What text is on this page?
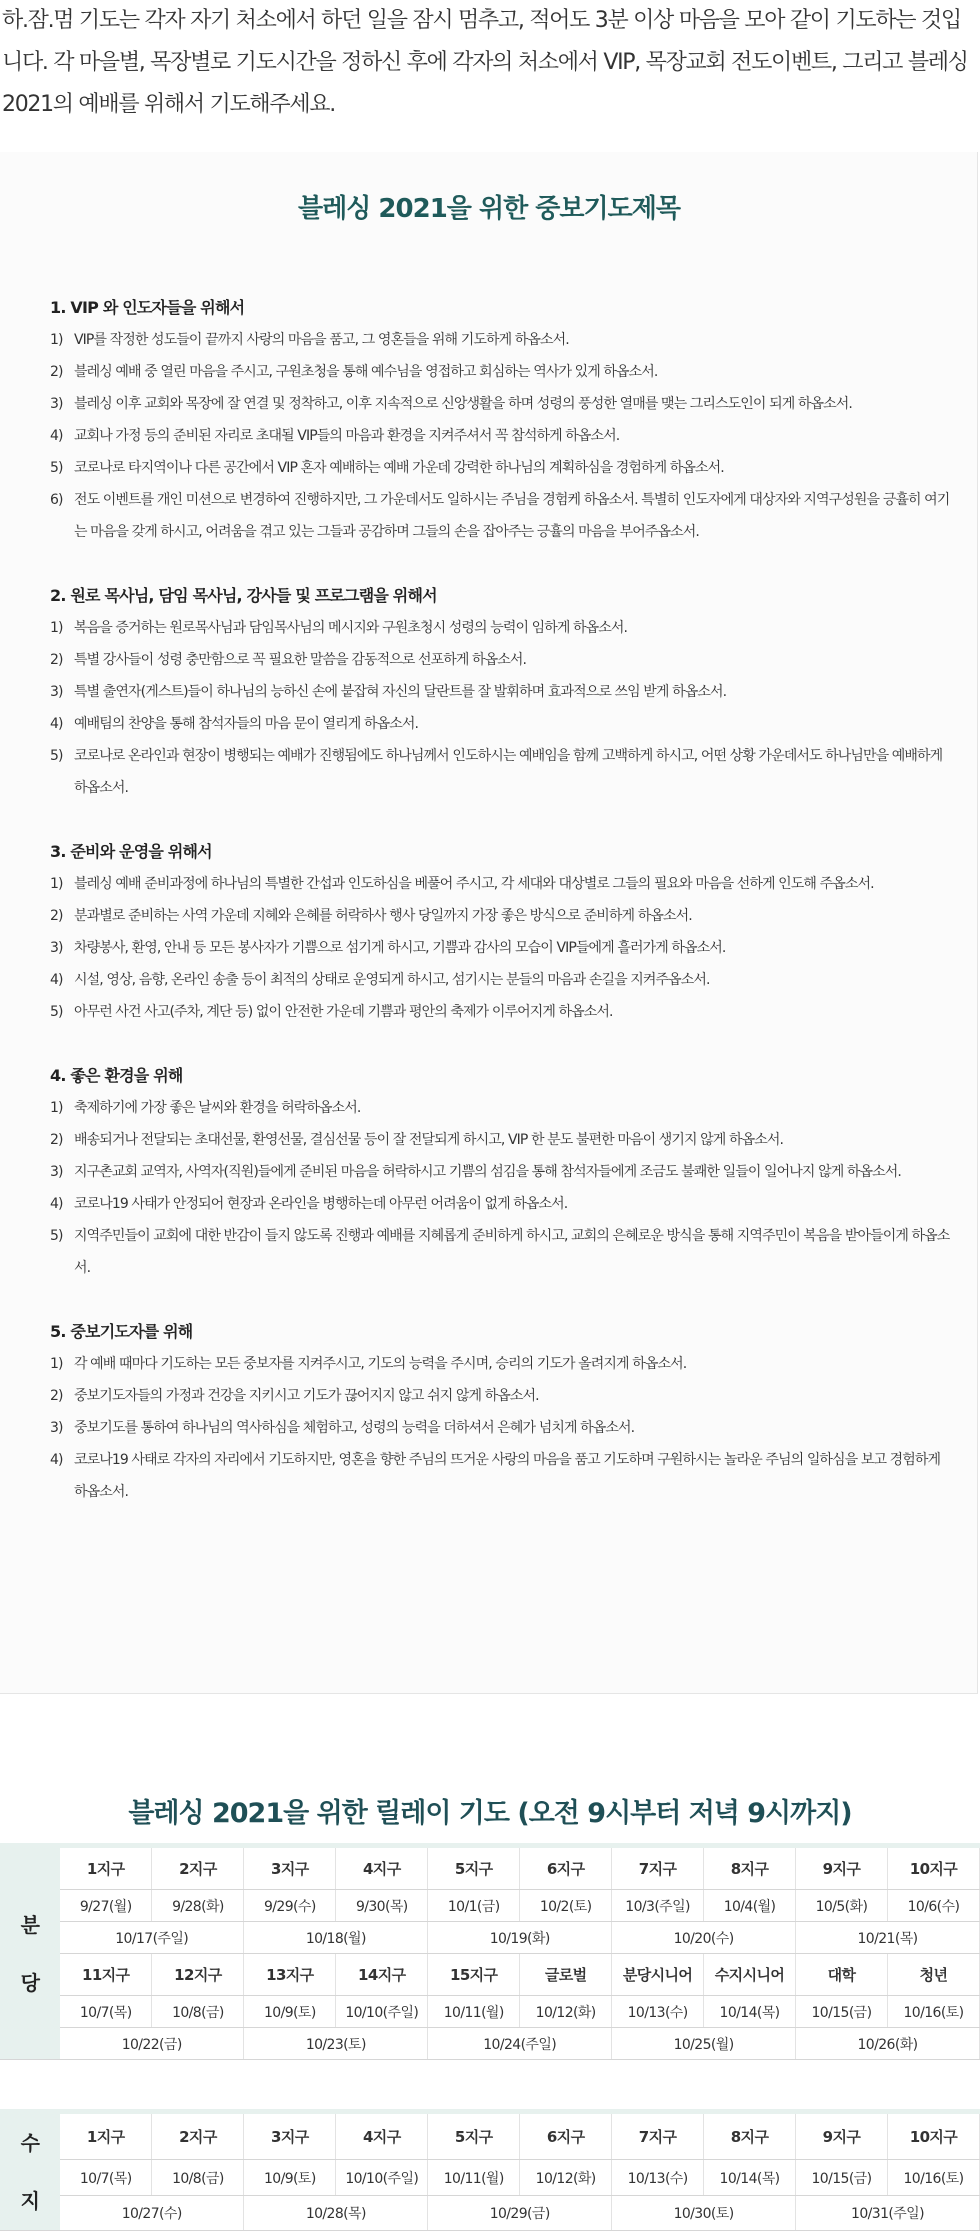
하.잠.멈 기도는 각자 자기 처소에서 하던 일을 잠시 멈추고, 적어도 3분 이상 마음을 모아 같이 기도하는 것입니다. 각 마을별, 목장별로 기도시간을 정하신 후에 각자의 처소에서 VIP, 목장교회 전도이벤트, 그리고 블레싱 2021의 예배를 위해서 기도해주세요.
블레싱 2021을 위한 중보기도제목
1. VIP 와 인도자들을 위해서
1) VIP를 작정한 성도들이 끝까지 사랑의 마음을 품고, 그 영혼들을 위해 기도하게 하옵소서.
2) 블레싱 예배 중 열린 마음을 주시고, 구원초청을 통해 예수님을 영접하고 회심하는 역사가 있게 하옵소서.
3) 블레싱 이후 교회와 목장에 잘 연결 및 정착하고, 이후 지속적으로 신앙생활을 하며 성령의 풍성한 열매를 맺는 그리스도인이 되게 하옵소서.
4) 교회나 가정 등의 준비된 자리로 초대될 VIP들의 마음과 환경을 지켜주셔서 꼭 참석하게 하옵소서.
5) 코로나로 타지역이나 다른 공간에서 VIP 혼자 예배하는 예배 가운데 강력한 하나님의 계획하심을 경험하게 하옵소서.
6) 전도 이벤트를 개인 미션으로 변경하여 진행하지만, 그 가운데서도 일하시는 주님을 경험케 하옵소서. 특별히 인도자에게 대상자와 지역구성원을 긍휼히 여기는 마음을 갖게 하시고, 어려움을 겪고 있는 그들과 공감하며 그들의 손을 잡아주는 긍휼의 마음을 부어주옵소서.
2. 원로 목사님, 담임 목사님, 강사들 및 프로그램을 위해서
1) 복음을 증거하는 원로목사님과 담임목사님의 메시지와 구원초청시 성령의 능력이 임하게 하옵소서.
2) 특별 강사들이 성령 충만함으로 꼭 필요한 말씀을 감동적으로 선포하게 하옵소서.
3) 특별 출연자(게스트)들이 하나님의 능하신 손에 붙잡혀 자신의 달란트를 잘 발휘하며 효과적으로 쓰임 받게 하옵소서.
4) 예배팀의 찬양을 통해 참석자들의 마음 문이 열리게 하옵소서.
5) 코로나로 온라인과 현장이 병행되는 예배가 진행됨에도 하나님께서 인도하시는 예배임을 함께 고백하게 하시고, 어떤 상황 가운데서도 하나님만을 예배하게 하옵소서.
3. 준비와 운영을 위해서
1) 블레싱 예배 준비과정에 하나님의 특별한 간섭과 인도하심을 베풀어 주시고, 각 세대와 대상별로 그들의 필요와 마음을 선하게 인도해 주옵소서.
2) 분과별로 준비하는 사역 가운데 지혜와 은혜를 허락하사 행사 당일까지 가장 좋은 방식으로 준비하게 하옵소서.
3) 차량봉사, 환영, 안내 등 모든 봉사자가 기쁨으로 섬기게 하시고, 기쁨과 감사의 모습이 VIP들에게 흘러가게 하옵소서.
4) 시설, 영상, 음향, 온라인 송출 등이 최적의 상태로 운영되게 하시고, 섬기시는 분들의 마음과 손길을 지켜주옵소서.
5) 아무런 사건 사고(주차, 계단 등) 없이 안전한 가운데 기쁨과 평안의 축제가 이루어지게 하옵소서.
4. 좋은 환경을 위해
1) 축제하기에 가장 좋은 날씨와 환경을 허락하옵소서.
2) 배송되거나 전달되는 초대선물, 환영선물, 결심선물 등이 잘 전달되게 하시고, VIP 한 분도 불편한 마음이 생기지 않게 하옵소서.
3) 지구촌교회 교역자, 사역자(직원)들에게 준비된 마음을 허락하시고 기쁨의 섬김을 통해 참석자들에게 조금도 불쾌한 일들이 일어나지 않게 하옵소서.
4) 코로나19 사태가 안정되어 현장과 온라인을 병행하는데 아무런 어려움이 없게 하옵소서.
5) 지역주민들이 교회에 대한 반감이 들지 않도록 진행과 예배를 지혜롭게 준비하게 하시고, 교회의 은혜로운 방식을 통해 지역주민이 복음을 받아들이게 하옵소서.
5. 중보기도자를 위해
1) 각 예배 때마다 기도하는 모든 중보자를 지켜주시고, 기도의 능력을 주시며, 승리의 기도가 올려지게 하옵소서.
2) 중보기도자들의 가정과 건강을 지키시고 기도가 끊어지지 않고 쉬지 않게 하옵소서.
3) 중보기도를 통하여 하나님의 역사하심을 체험하고, 성령의 능력을 더하셔서 은혜가 넘치게 하옵소서.
4) 코로나19 사태로 각자의 자리에서 기도하지만, 영혼을 향한 주님의 뜨거운 사랑의 마음을 품고 기도하며 구원하시는 놀라운 주님의 일하심을 보고 경험하게 하옵소서.
블레싱 2021을 위한 릴레이 기도 (오전 9시부터 저녁 9시까지)
분
당	1지구	2지구	3지구	4지구	5지구	6지구	7지구	8지구	9지구	10지구
	9/27(월)	9/28(화)	9/29(수)	9/30(목)	10/1(금)	10/2(토)	10/3(주일)	10/4(월)	10/5(화)	10/6(수)
	10/17(주일)		10/18(월)		10/19(화)		10/20(수)		10/21(목)	
	11지구	12지구	13지구	14지구	15지구	글로벌	분당시니어	수지시니어	대학	청년
	10/7(목)	10/8(금)	10/9(토)	10/10(주일)	10/11(월)	10/12(화)	10/13(수)	10/14(목)	10/15(금)	10/16(토)
	10/22(금)		10/23(토)		10/24(주일)		10/25(월)		10/26(화)	
수
지	1지구	2지구	3지구	4지구	5지구	6지구	7지구	8지구	9지구	10지구
	10/7(목)	10/8(금)	10/9(토)	10/10(주일)	10/11(월)	10/12(화)	10/13(수)	10/14(목)	10/15(금)	10/16(토)
	10/27(수)		10/28(목)		10/29(금)		10/30(토)		10/31(주일)	
